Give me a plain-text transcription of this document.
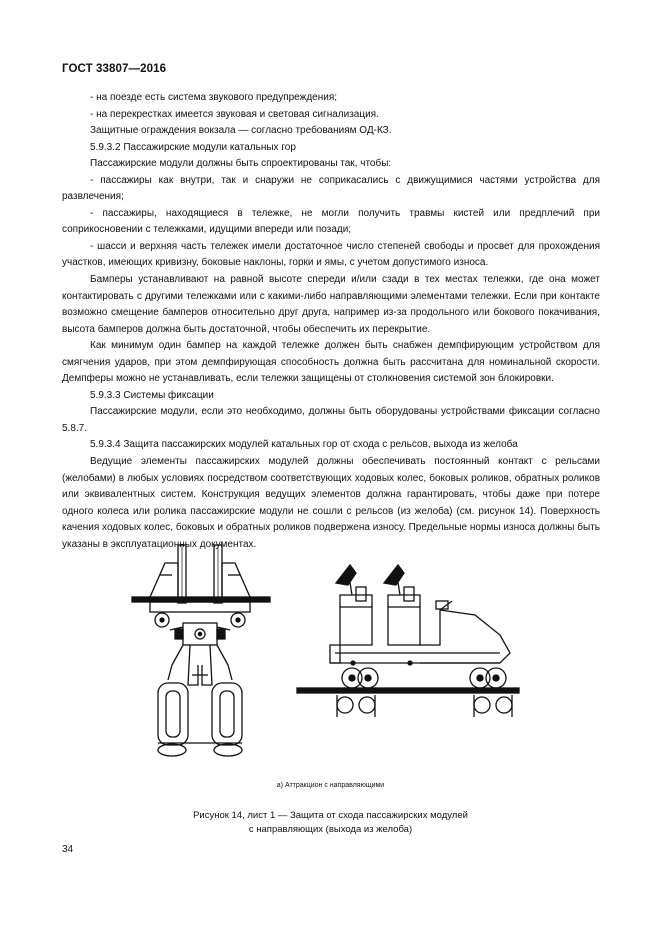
ГОСТ 33807—2016

- на поезде есть система звукового предупреждения;

- на перекрестках имеется звуковая и световая сигнализация.

Защитные ограждения вокзала — согласно требованиям ОД-КЗ.

5.9.3.2 Пассажирские модули катальных гор

Пассажирские модули должны быть спроектированы так, чтобы:

- пассажиры как внутри, так и снаружи не соприкасались с движущимися частями устройства для развлечения;

- пассажиры, находящиеся в тележке, не могли получить травмы кистей или предплечий при соприкосновении с тележками, идущими впереди или позади;

- шасси и верхняя часть тележек имели достаточное число степеней свободы и просвет для прохождения участков, имеющих кривизну, боковые наклоны, горки и ямы, с учетом допустимого износа.

Бамперы устанавливают на равной высоте спереди и/или сзади в тех местах тележки, где она может контактировать с другими тележками или с какими-либо направляющими элементами тележки. Если при контакте возможно смещение бамперов относительно друг друга, например из-за продольного или бокового покачивания, высота бамперов должна быть достаточной, чтобы обеспечить их перекрытие.

Как минимум один бампер на каждой тележке должен быть снабжен демпфирующим устройством для смягчения ударов, при этом демпфирующая способность должна быть рассчитана для номинальной скорости. Демпферы можно не устанавливать, если тележки защищены от столкновения системой зон блокировки.

5.9.3.3 Системы фиксации

Пассажирские модули, если это необходимо, должны быть оборудованы устройствами фиксации согласно 5.8.7.

5.9.3.4 Защита пассажирских модулей катальных гор от схода с рельсов, выхода из желоба

Ведущие элементы пассажирских модулей должны обеспечивать постоянный контакт с рельсами (желобами) в любых условиях посредством соответствующих ходовых колес, боковых роликов, обратных роликов или эквивалентных систем. Конструкция ведущих элементов должна гарантировать, чтобы даже при потере одного колеса или ролика пассажирские модули не сошли с рельсов (из желоба) (см. рисунок 14). Поверхность качения ходовых колес, боковых и обратных роликов подвержена износу. Предельные нормы износа должны быть указаны в эксплуатационных документах.

а) Аттракцион с направляющими
Рисунок 14, лист 1 — Защита от схода пассажирских модулей
с направляющих (выхода из желоба)
34
